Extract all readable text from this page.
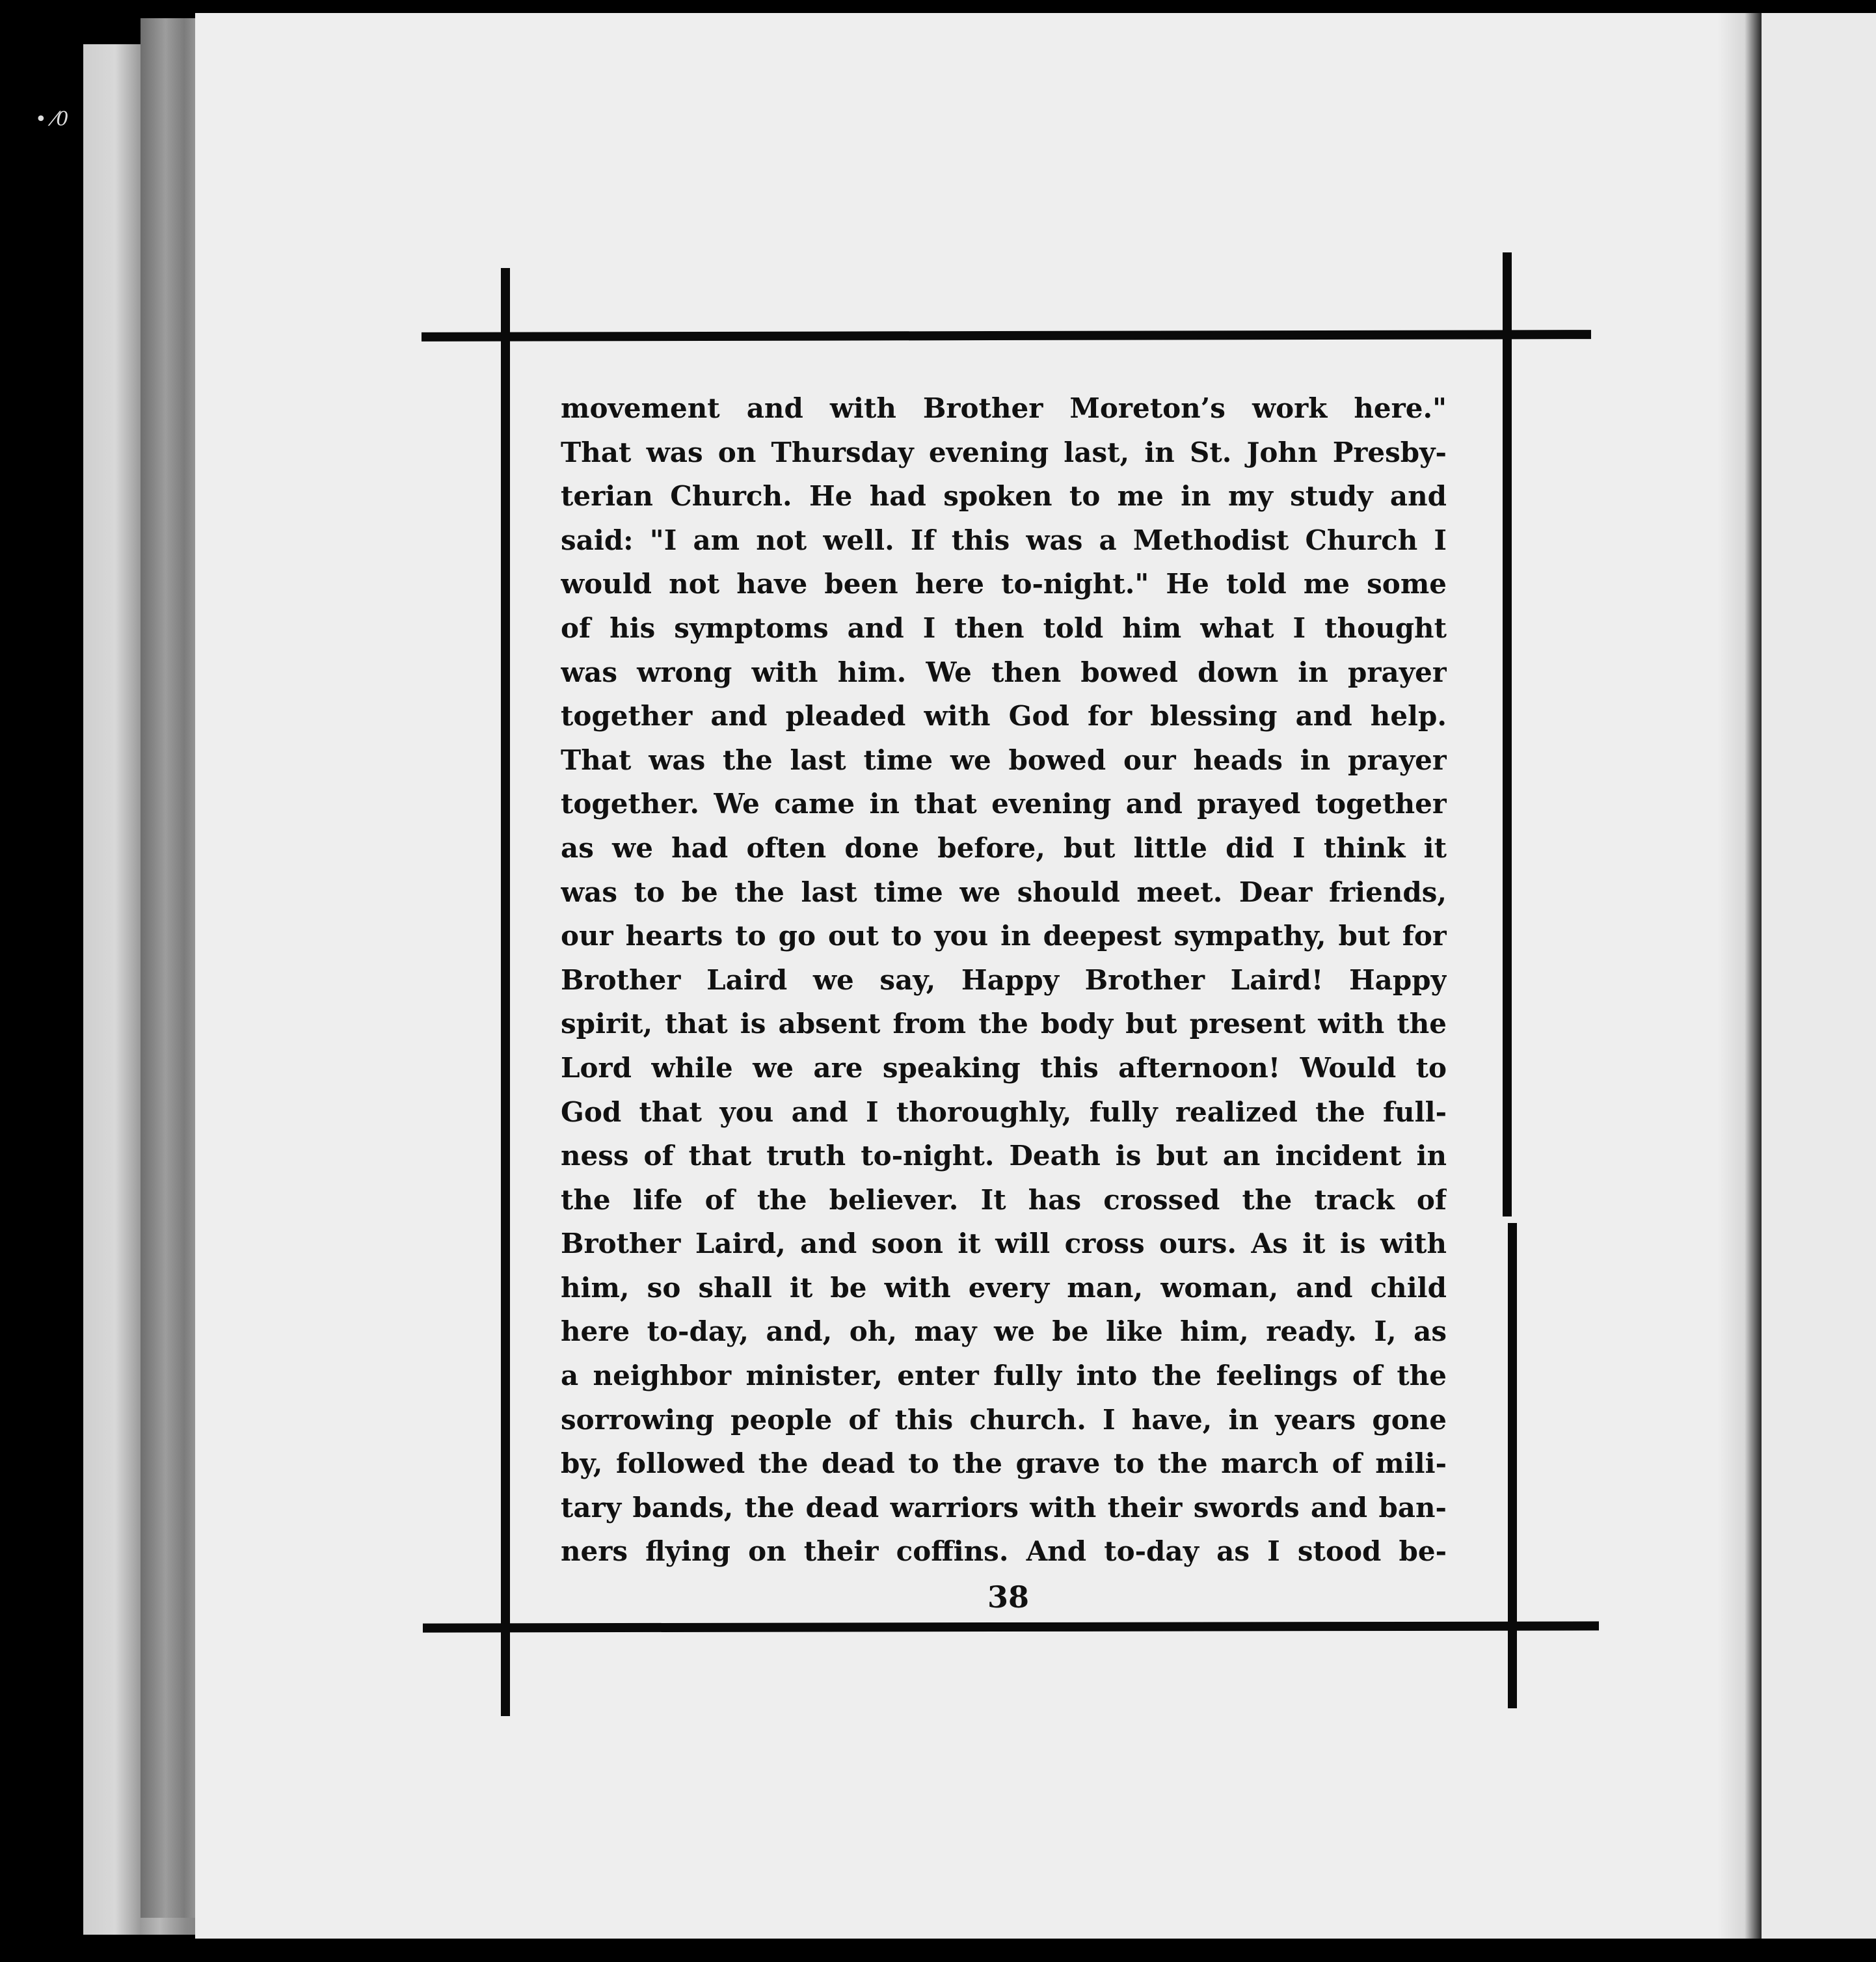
• ⁄0
movement and with Brother Moreton’s work here."
That was on Thursday evening last, in St. John Presby-
terian Church. He had spoken to me in my study and
said: "I am not well. If this was a Methodist Church I
would not have been here to-night." He told me some
of his symptoms and I then told him what I thought
was wrong with him. We then bowed down in prayer
together and pleaded with God for blessing and help.
That was the last time we bowed our heads in prayer
together. We came in that evening and prayed together
as we had often done before, but little did I think it
was to be the last time we should meet. Dear friends,
our hearts to go out to you in deepest sympathy, but for
Brother Laird we say, Happy Brother Laird! Happy
spirit, that is absent from the body but present with the
Lord while we are speaking this afternoon! Would to
God that you and I thoroughly, fully realized the full-
ness of that truth to-night. Death is but an incident in
the life of the believer. It has crossed the track of
Brother Laird, and soon it will cross ours. As it is with
him, so shall it be with every man, woman, and child
here to-day, and, oh, may we be like him, ready. I, as
a neighbor minister, enter fully into the feelings of the
sorrowing people of this church. I have, in years gone
by, followed the dead to the grave to the march of mili-
tary bands, the dead warriors with their swords and ban-
ners flying on their coffins. And to-day as I stood be-
38
